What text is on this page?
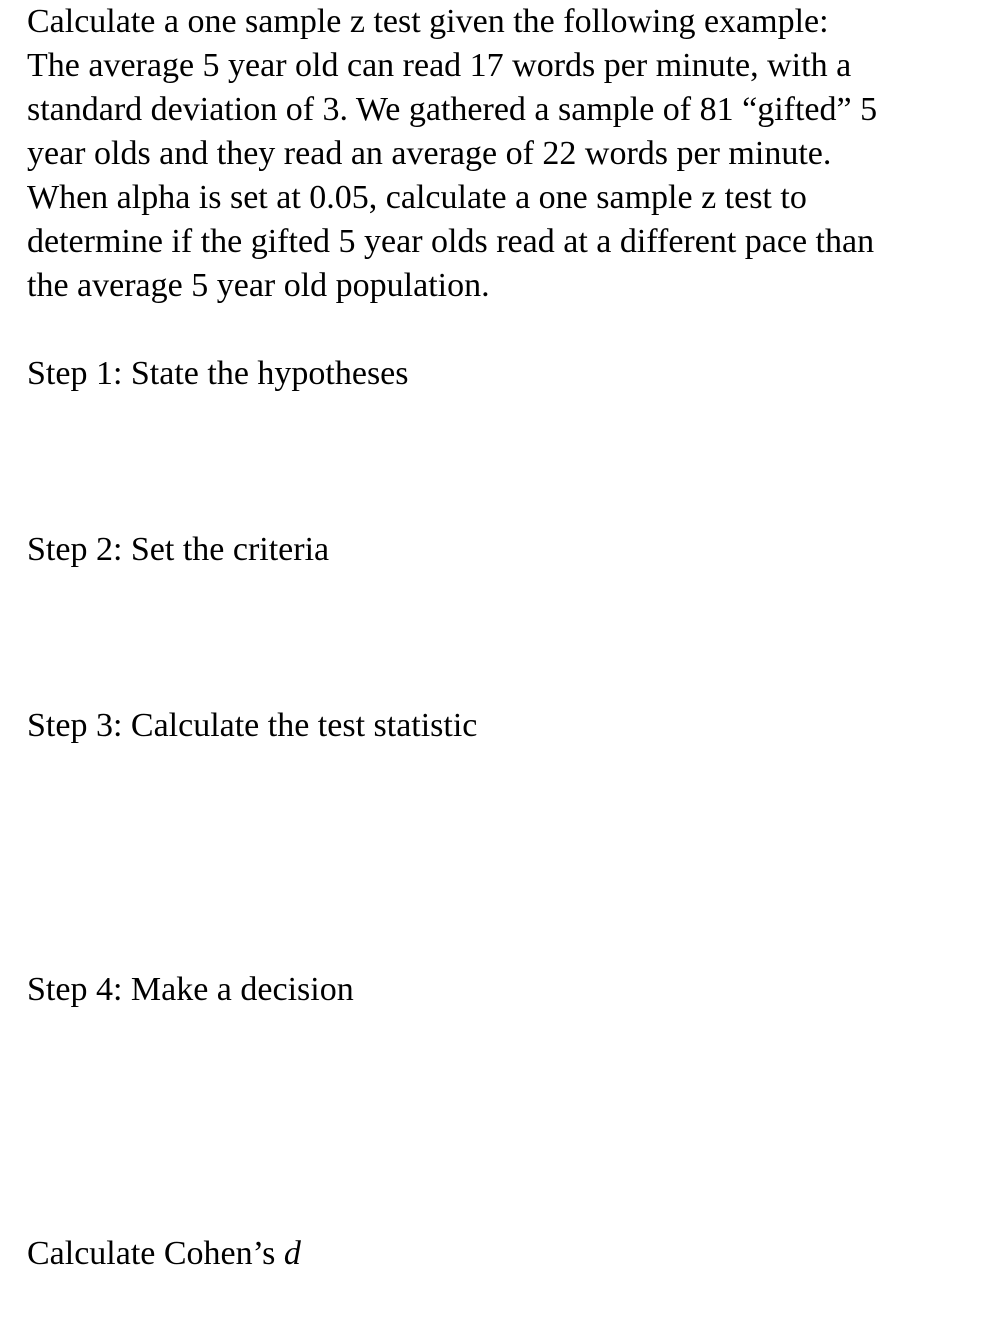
Calculate a one sample z test given the following example:
The average 5 year old can read 17 words per minute, with a
standard deviation of 3. We gathered a sample of 81 “gifted” 5
year olds and they read an average of 22 words per minute.
When alpha is set at 0.05, calculate a one sample z test to
determine if the gifted 5 year olds read at a different pace than
the average 5 year old population.

Step 1: State the hypotheses

Step 2: Set the criteria

Step 3: Calculate the test statistic

Step 4: Make a decision

Calculate Cohen’s d
